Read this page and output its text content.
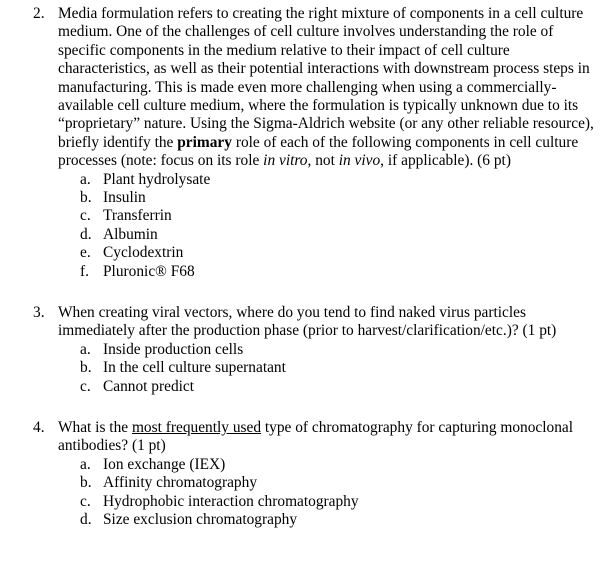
2. Media formulation refers to creating the right mixture of components in a cell culture medium. One of the challenges of cell culture involves understanding the role of specific components in the medium relative to their impact of cell culture characteristics, as well as their potential interactions with downstream process steps in manufacturing. This is made even more challenging when using a commercially- available cell culture medium, where the formulation is typically unknown due to its “proprietary” nature. Using the Sigma-Aldrich website (or any other reliable resource), briefly identify the primary role of each of the following components in cell culture processes (note: focus on its role in vitro, not in vivo, if applicable). (6 pt)
a. Plant hydrolysate
b. Insulin
c. Transferrin
d. Albumin
e. Cyclodextrin
f. Pluronic® F68
3. When creating viral vectors, where do you tend to find naked virus particles immediately after the production phase (prior to harvest/clarification/etc.)? (1 pt)
a. Inside production cells
b. In the cell culture supernatant
c. Cannot predict
4. What is the most frequently used type of chromatography for capturing monoclonal antibodies? (1 pt)
a. Ion exchange (IEX)
b. Affinity chromatography
c. Hydrophobic interaction chromatography
d. Size exclusion chromatography
